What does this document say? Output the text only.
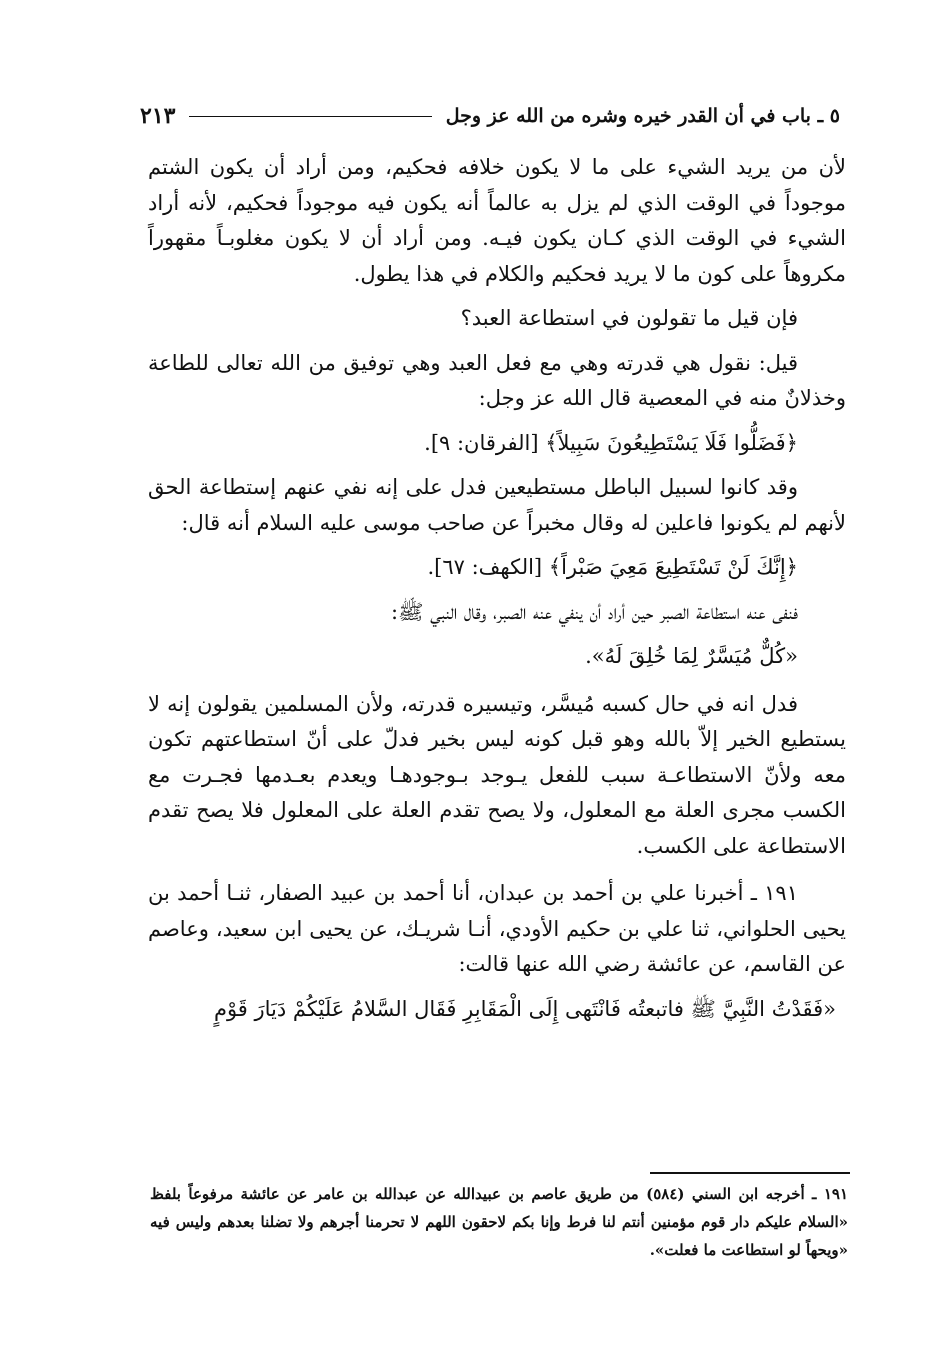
٥ ـ باب في أن القدر خيره وشره من الله عز وجل
٢١٣

لأن من يريد الشيء على ما لا يكون خلافه فحكيم، ومن أراد أن يكون الشتم موجوداً في الوقت الذي لم يزل به عالماً أنه يكون فيه موجوداً فحكيم، لأنه أراد الشيء في الوقت الذي كـان يكون فيـه. ومن أراد أن لا يكون مغلوبـاً مقهوراً مكروهاً على كون ما لا يريد فحكيم والكلام في هذا يطول.

فإن قيل ما تقولون في استطاعة العبد؟

قيل: نقول هي قدرته وهي مع فعل العبد وهي توفيق من الله تعالى للطاعة وخذلانٌ منه في المعصية قال الله عز وجل:

﴿فَضَلُّوا فَلَا يَسْتَطِيعُونَ سَبِيلاً﴾ [الفرقان: ٩].

وقد كانوا لسبيل الباطل مستطيعين فدل على إنه نفي عنهم إستطاعة الحق لأنهم لم يكونوا فاعلين له وقال مخبراً عن صاحب موسى عليه السلام أنه قال:

﴿إِنَّكَ لَنْ تَسْتَطِيعَ مَعِيَ صَبْراً﴾ [الكهف: ٦٧].

فنفى عنه استطاعة الصبر حين أراد أن ينفي عنه الصبر، وقال النبي ﷺ:

«كُلٌّ مُيَسَّرٌ لِمَا خُلِقَ لَهُ».

فدل انه في حال كسبه مُيسَّر، وتيسيره قدرته، ولأن المسلمين يقولون إنه لا يستطيع الخير إلاّ بالله وهو قبل كونه ليس بخير فدلّ على أنّ استطاعتهم تكون معه ولأنّ الاستطاعـة سبب للفعل يـوجد بـوجودهـا ويعدم بعـدمها فجـرت مع الكسب مجرى العلة مع المعلول، ولا يصح تقدم العلة على المعلول فلا يصح تقدم الاستطاعة على الكسب.

١٩١ ـ أخبرنا علي بن أحمد بن عبدان، أنا أحمد بن عبيد الصفار، ثنـا أحمد بن يحيى الحلواني، ثنا علي بن حكيم الأودي، أنـا شريـك، عن يحيى ابن سعيد، وعاصم عن القاسم، عن عائشة رضي الله عنها قالت:

«فَقَدْتُ النَّبِيَّ ﷺ فاتبعتُه فَانْتَهى إِلَى الْمَقَابِرِ فَقَال السَّلامُ عَلَيْكُمْ دَيَارَ قَوْمٍ

١٩١ ـ أخرجه ابن السني (٥٨٤) من طريق عاصم بن عبيدالله عن عبدالله بن عامر عن عائشة مرفوعاً بلفظ «السلام عليكم دار قوم مؤمنين أنتم لنا فرط وإنا بكم لاحقون اللهم لا تحرمنا أجرهم ولا تضلنا بعدهم وليس فيه «ويحهاً لو استطاعت ما فعلت».
